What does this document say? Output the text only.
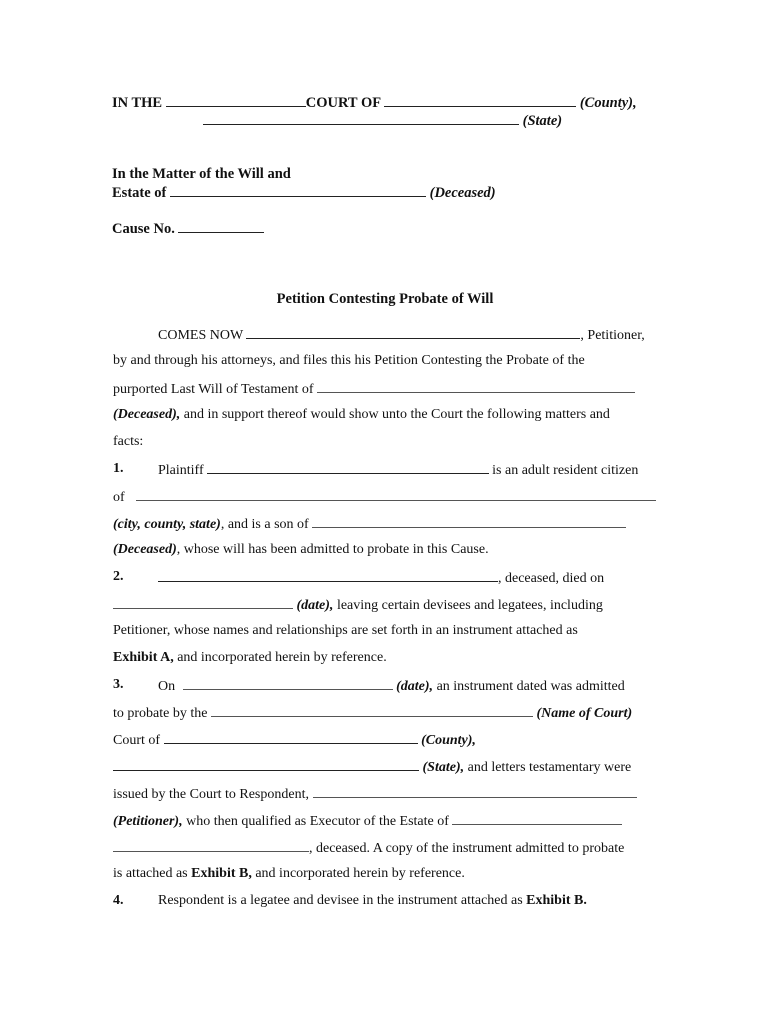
IN THE	COURT OF	(County),
(State)
In the Matter of the Will and
Estate of	(Deceased)
Cause No.
Petition Contesting Probate of Will
COMES NOW	, Petitioner,
by and through his attorneys, and files this his Petition Contesting the Probate of the
purported Last Will of Testament of
(Deceased), and in support thereof would show unto the Court the following matters and
facts:
1. Plaintiff	is an adult resident citizen
of
(city, county, state), and is a son of
(Deceased), whose will has been admitted to probate in this Cause.
2.	, deceased, died on
(date), leaving certain devisees and legatees, including
Petitioner, whose names and relationships are set forth in an instrument attached as
Exhibit A, and incorporated herein by reference.
3. On	(date), an instrument dated was admitted
to probate by the	(Name of Court)
Court of	(County),
(State), and letters testamentary were
issued by the Court to Respondent,
(Petitioner), who then qualified as Executor of the Estate of
, deceased. A copy of the instrument admitted to probate
is attached as Exhibit B, and incorporated herein by reference.
4. Respondent is a legatee and devisee in the instrument attached as Exhibit B.
